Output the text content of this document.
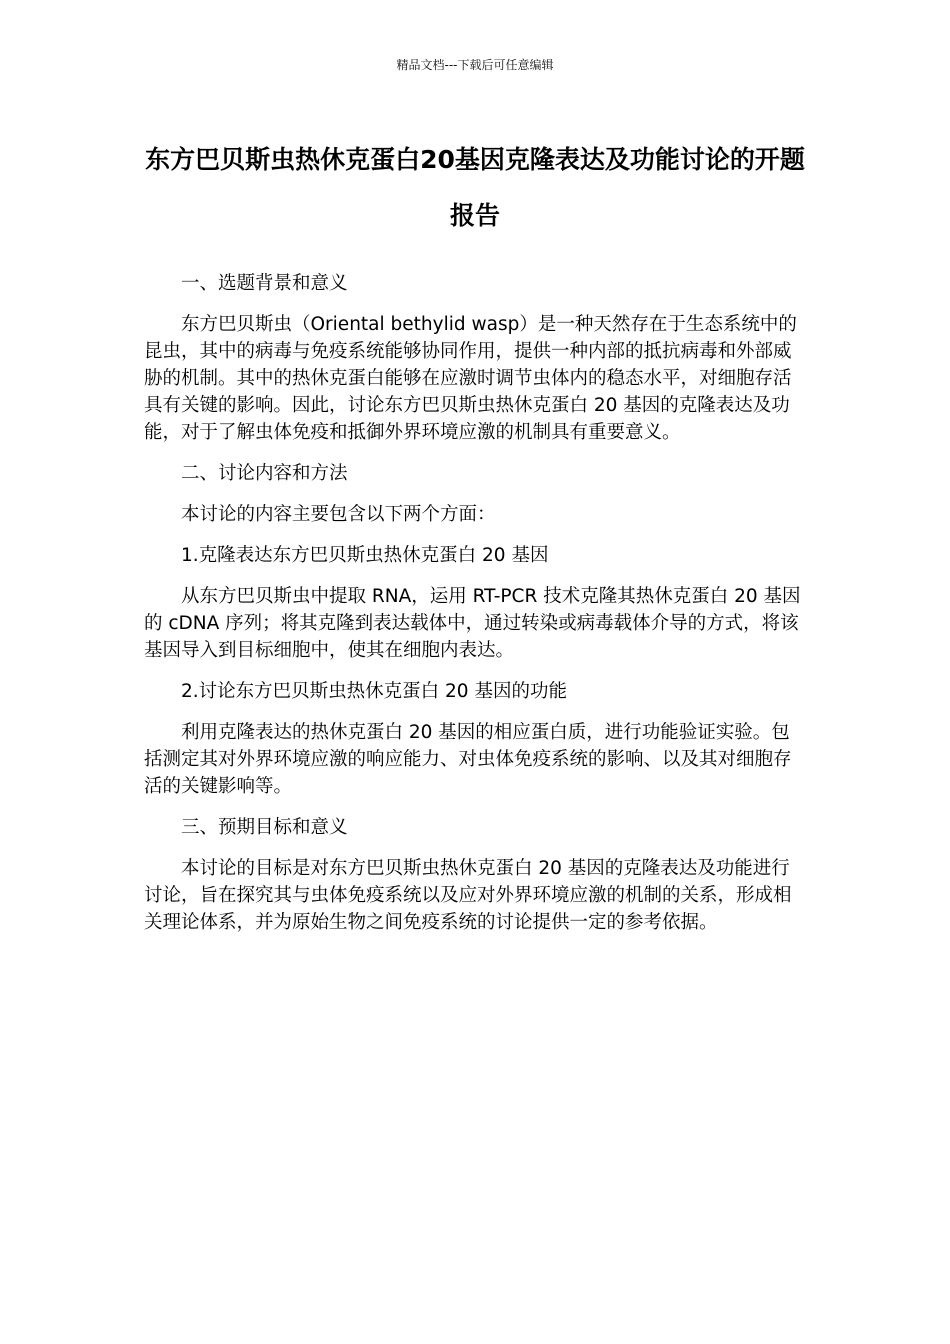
精品文档---下载后可任意编辑
东方巴贝斯虫热休克蛋白20基因克隆表达及功能讨论的开题报告

一、选题背景和意义

东方巴贝斯虫（Oriental bethylid wasp）是一种天然存在于生态系统中的昆虫，其中的病毒与免疫系统能够协同作用，提供一种内部的抵抗病毒和外部威胁的机制。其中的热休克蛋白能够在应激时调节虫体内的稳态水平，对细胞存活具有关键的影响。因此，讨论东方巴贝斯虫热休克蛋白 20 基因的克隆表达及功能，对于了解虫体免疫和抵御外界环境应激的机制具有重要意义。

二、讨论内容和方法

本讨论的内容主要包含以下两个方面：

1.克隆表达东方巴贝斯虫热休克蛋白 20 基因

从东方巴贝斯虫中提取 RNA，运用 RT-PCR 技术克隆其热休克蛋白 20 基因的 cDNA 序列；将其克隆到表达载体中，通过转染或病毒载体介导的方式，将该基因导入到目标细胞中，使其在细胞内表达。

2.讨论东方巴贝斯虫热休克蛋白 20 基因的功能

利用克隆表达的热休克蛋白 20 基因的相应蛋白质，进行功能验证实验。包括测定其对外界环境应激的响应能力、对虫体免疫系统的影响、以及其对细胞存活的关键影响等。

三、预期目标和意义

本讨论的目标是对东方巴贝斯虫热休克蛋白 20 基因的克隆表达及功能进行讨论，旨在探究其与虫体免疫系统以及应对外界环境应激的机制的关系，形成相关理论体系，并为原始生物之间免疫系统的讨论提供一定的参考依据。
